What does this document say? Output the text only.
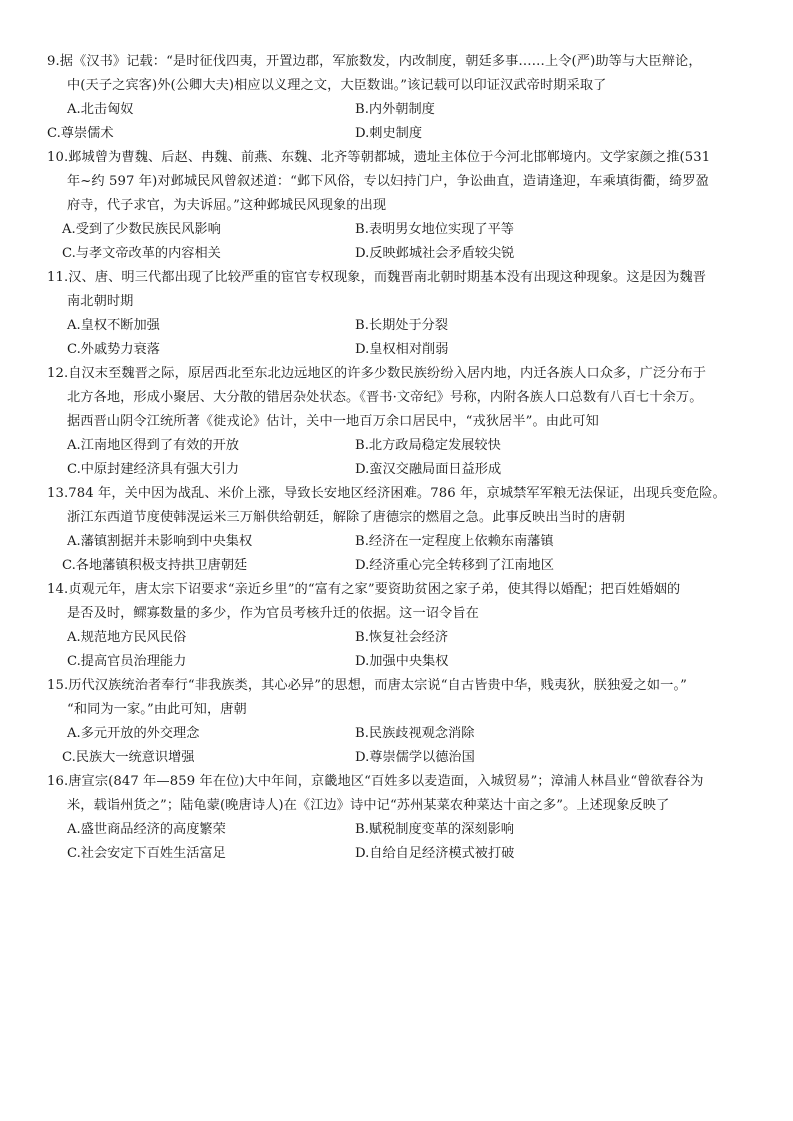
9.据《汉书》记载：“是时征伐四夷，开置边郡，军旅数发，内改制度，朝廷多事……上令(严)助等与大臣辩论，
中(天子之宾客)外(公卿大夫)相应以义理之文，大臣数诎。”该记载可以印证汉武帝时期采取了
A.北击匈奴	B.内外朝制度
C.尊崇儒术	D.刺史制度
10.邺城曾为曹魏、后赵、冉魏、前燕、东魏、北齐等朝都城，遗址主体位于今河北邯郸境内。文学家颜之推(531
年~约 597 年)对邺城民风曾叙述道：“邺下风俗，专以妇持门户，争讼曲直，造请逢迎，车乘填街衢，绮罗盈
府寺，代子求官，为夫诉屈。”这种邺城民风现象的出现
A.受到了少数民族民风影响	B.表明男女地位实现了平等
C.与孝文帝改革的内容相关	D.反映邺城社会矛盾较尖锐
11.汉、唐、明三代都出现了比较严重的宦官专权现象，而魏晋南北朝时期基本没有出现这种现象。这是因为魏晋
南北朝时期
A.皇权不断加强	B.长期处于分裂
C.外戚势力衰落	D.皇权相对削弱
12.自汉末至魏晋之际，原居西北至东北边远地区的许多少数民族纷纷入居内地，内迁各族人口众多，广泛分布于
北方各地，形成小聚居、大分散的错居杂处状态。《晋书·文帝纪》号称，内附各族人口总数有八百七十余万。
据西晋山阴令江统所著《徙戎论》估计，关中一地百万余口居民中，“戎狄居半”。由此可知
A.江南地区得到了有效的开放	B.北方政局稳定发展较快
C.中原封建经济具有强大引力	D.蛮汉交融局面日益形成
13.784 年，关中因为战乱、米价上涨，导致长安地区经济困难。786 年，京城禁军军粮无法保证，出现兵变危险。
浙江东西道节度使韩滉运米三万斛供给朝廷，解除了唐德宗的燃眉之急。此事反映出当时的唐朝
A.藩镇割据并未影响到中央集权	B.经济在一定程度上依赖东南藩镇
C.各地藩镇积极支持拱卫唐朝廷	D.经济重心完全转移到了江南地区
14.贞观元年，唐太宗下诏要求“亲近乡里”的“富有之家”要资助贫困之家子弟，使其得以婚配；把百姓婚姻的
是否及时，鳏寡数量的多少，作为官员考核升迁的依据。这一诏令旨在
A.规范地方民风民俗	B.恢复社会经济
C.提高官员治理能力	D.加强中央集权
15.历代汉族统治者奉行“非我族类，其心必异”的思想，而唐太宗说“自古皆贵中华，贱夷狄，朕独爱之如一。”
“和同为一家。”由此可知，唐朝
A.多元开放的外交理念	B.民族歧视观念消除
C.民族大一统意识增强	D.尊崇儒学以德治国
16.唐宣宗(847 年—859 年在位)大中年间，京畿地区“百姓多以麦造面，入城贸易”；漳浦人林昌业“曾欲舂谷为
米，载诣州货之”；陆龟蒙(晚唐诗人)在《江边》诗中记“苏州某菜农种菜达十亩之多”。上述现象反映了
A.盛世商品经济的高度繁荣	B.赋税制度变革的深刻影响
C.社会安定下百姓生活富足	D.自给自足经济模式被打破
